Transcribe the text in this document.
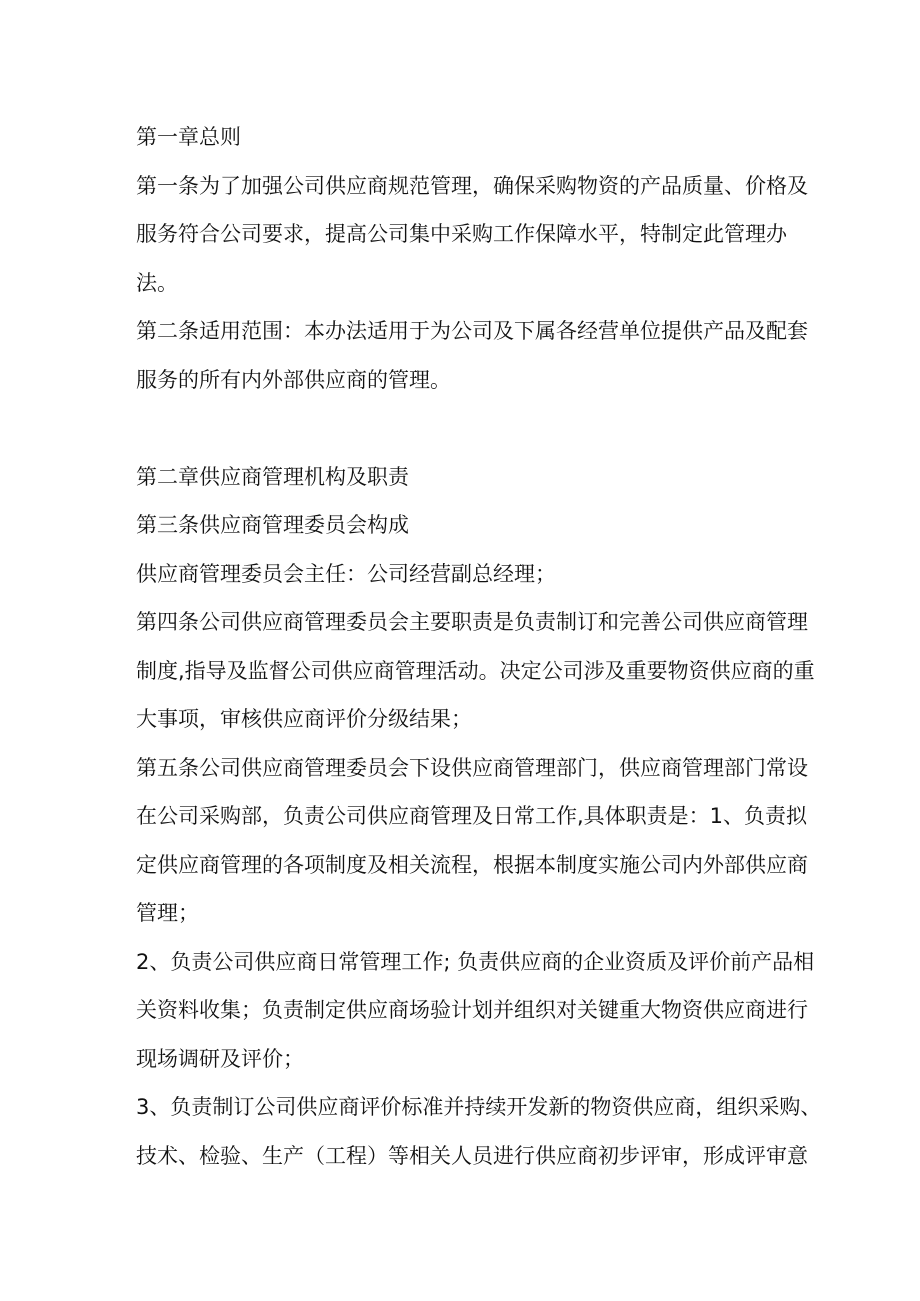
第一章总则
第一条为了加强公司供应商规范管理，确保采购物资的产品质量、价格及
服务符合公司要求，提高公司集中采购工作保障水平，特制定此管理办
法。
第二条适用范围：本办法适用于为公司及下属各经营单位提供产品及配套
服务的所有内外部供应商的管理。
第二章供应商管理机构及职责
第三条供应商管理委员会构成
供应商管理委员会主任：公司经营副总经理；
第四条公司供应商管理委员会主要职责是负责制订和完善公司供应商管理
制度,指导及监督公司供应商管理活动。决定公司涉及重要物资供应商的重
大事项，审核供应商评价分级结果；
第五条公司供应商管理委员会下设供应商管理部门，供应商管理部门常设
在公司采购部，负责公司供应商管理及日常工作,具体职责是：1、负责拟
定供应商管理的各项制度及相关流程，根据本制度实施公司内外部供应商
管理；
2、负责公司供应商日常管理工作; 负责供应商的企业资质及评价前产品相
关资料收集；负责制定供应商场验计划并组织对关键重大物资供应商进行
现场调研及评价；
3、负责制订公司供应商评价标准并持续开发新的物资供应商，组织采购、
技术、检验、生产（工程）等相关人员进行供应商初步评审，形成评审意
